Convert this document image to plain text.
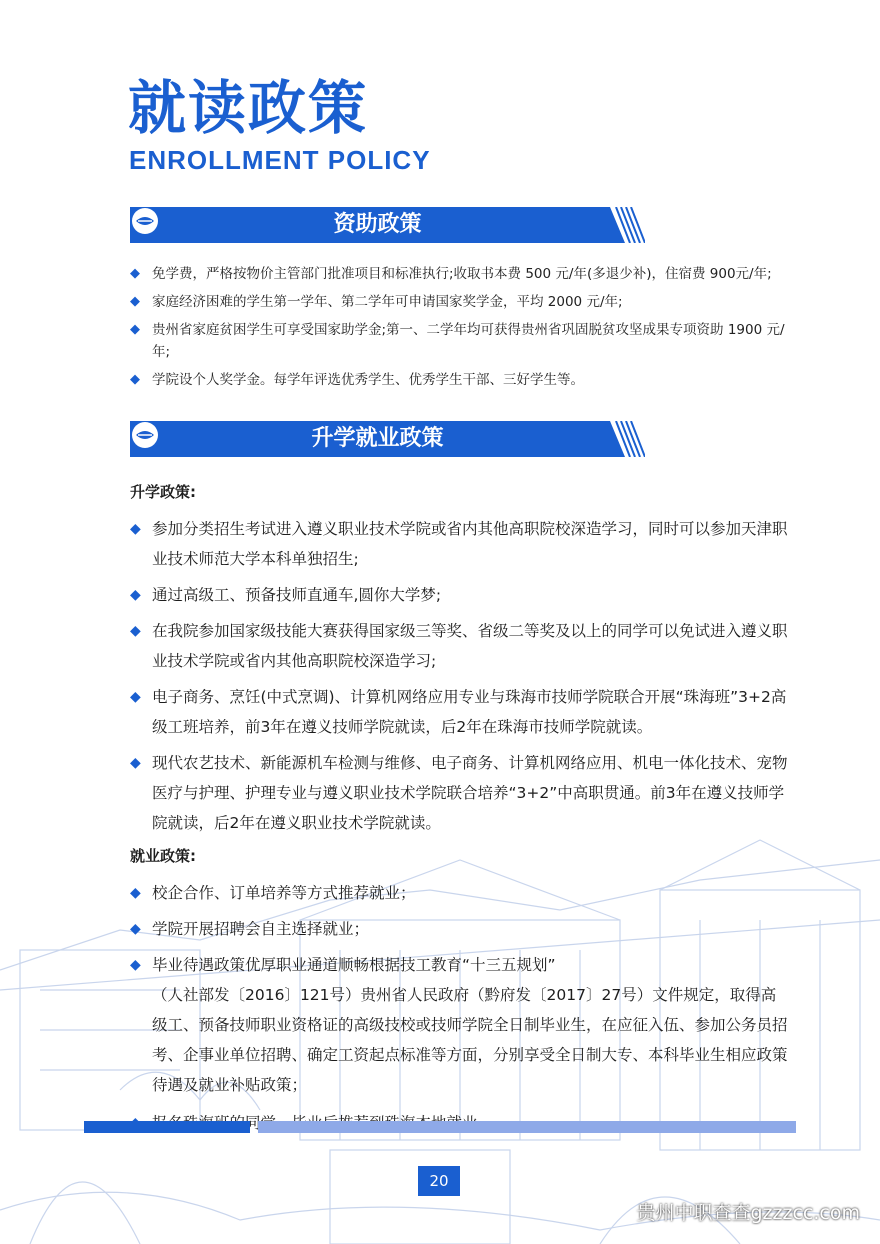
就读政策
ENROLLMENT POLICY
资助政策
◆ 免学费，严格按物价主管部门批准项目和标准执行;收取书本费 500 元/年(多退少补)，住宿费 900元/年;
◆ 家庭经济困难的学生第一学年、第二学年可申请国家奖学金，平均 2000 元/年;
◆ 贵州省家庭贫困学生可享受国家助学金;第一、二学年均可获得贵州省巩固脱贫攻坚成果专项资助 1900 元/年;
◆ 学院设个人奖学金。每学年评选优秀学生、优秀学生干部、三好学生等。
升学就业政策
升学政策:
◆ 参加分类招生考试进入遵义职业技术学院或省内其他高职院校深造学习，同时可以参加天津职业技术师范大学本科单独招生;
◆ 通过高级工、预备技师直通车,圆你大学梦;
◆ 在我院参加国家级技能大赛获得国家级三等奖、省级二等奖及以上的同学可以免试进入遵义职业技术学院或省内其他高职院校深造学习;
◆ 电子商务、烹饪(中式烹调)、计算机网络应用专业与珠海市技师学院联合开展“珠海班”3+2高级工班培养，前3年在遵义技师学院就读，后2年在珠海市技师学院就读。
◆ 现代农艺技术、新能源机车检测与维修、电子商务、计算机网络应用、机电一体化技术、宠物医疗与护理、护理专业与遵义职业技术学院联合培养“3+2”中高职贯通。前3年在遵义技师学院就读，后2年在遵义职业技术学院就读。
就业政策:
◆ 校企合作、订单培养等方式推荐就业；
◆ 学院开展招聘会自主选择就业；
◆ 毕业待遇政策优厚职业通道顺畅根据技工教育“十三五规划”
（人社部发〔2016〕121号）贵州省人民政府（黔府发〔2017〕27号）文件规定，取得高级工、预备技师职业资格证的高级技校或技师学院全日制毕业生，在应征入伍、参加公务员招考、企事业单位招聘、确定工资起点标准等方面，分别享受全日制大专、本科毕业生相应政策待遇及就业补贴政策；
20
贵州中职查查gzzzcc.com
